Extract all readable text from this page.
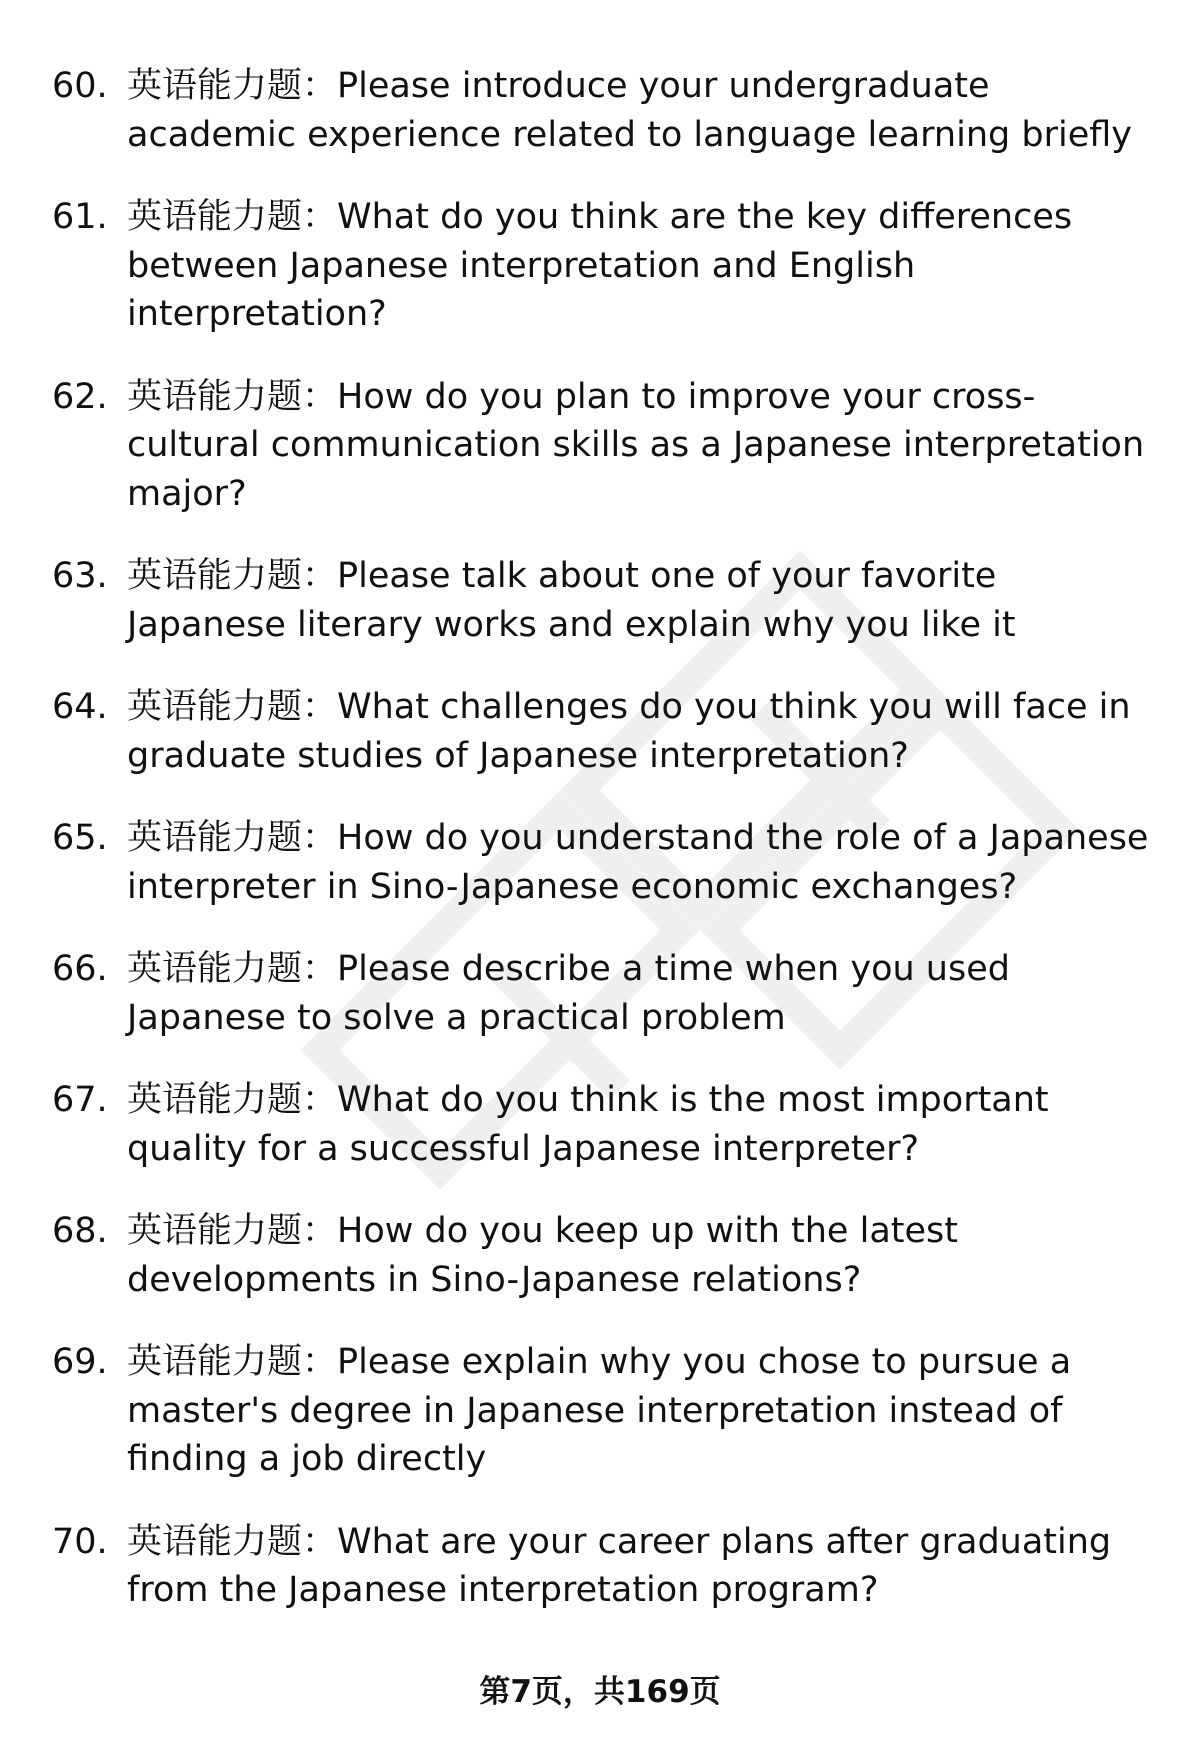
60. 英语能力题：Please introduce your undergraduate academic experience related to language learning briefly
61. 英语能力题：What do you think are the key differences between Japanese interpretation and English interpretation?
62. 英语能力题：How do you plan to improve your cross-cultural communication skills as a Japanese interpretation major?
63. 英语能力题：Please talk about one of your favorite Japanese literary works and explain why you like it
64. 英语能力题：What challenges do you think you will face in graduate studies of Japanese interpretation?
65. 英语能力题：How do you understand the role of a Japanese interpreter in Sino-Japanese economic exchanges?
66. 英语能力题：Please describe a time when you used Japanese to solve a practical problem
67. 英语能力题：What do you think is the most important quality for a successful Japanese interpreter?
68. 英语能力题：How do you keep up with the latest developments in Sino-Japanese relations?
69. 英语能力题：Please explain why you chose to pursue a master's degree in Japanese interpretation instead of finding a job directly
70. 英语能力题：What are your career plans after graduating from the Japanese interpretation program?
第7页，共169页
